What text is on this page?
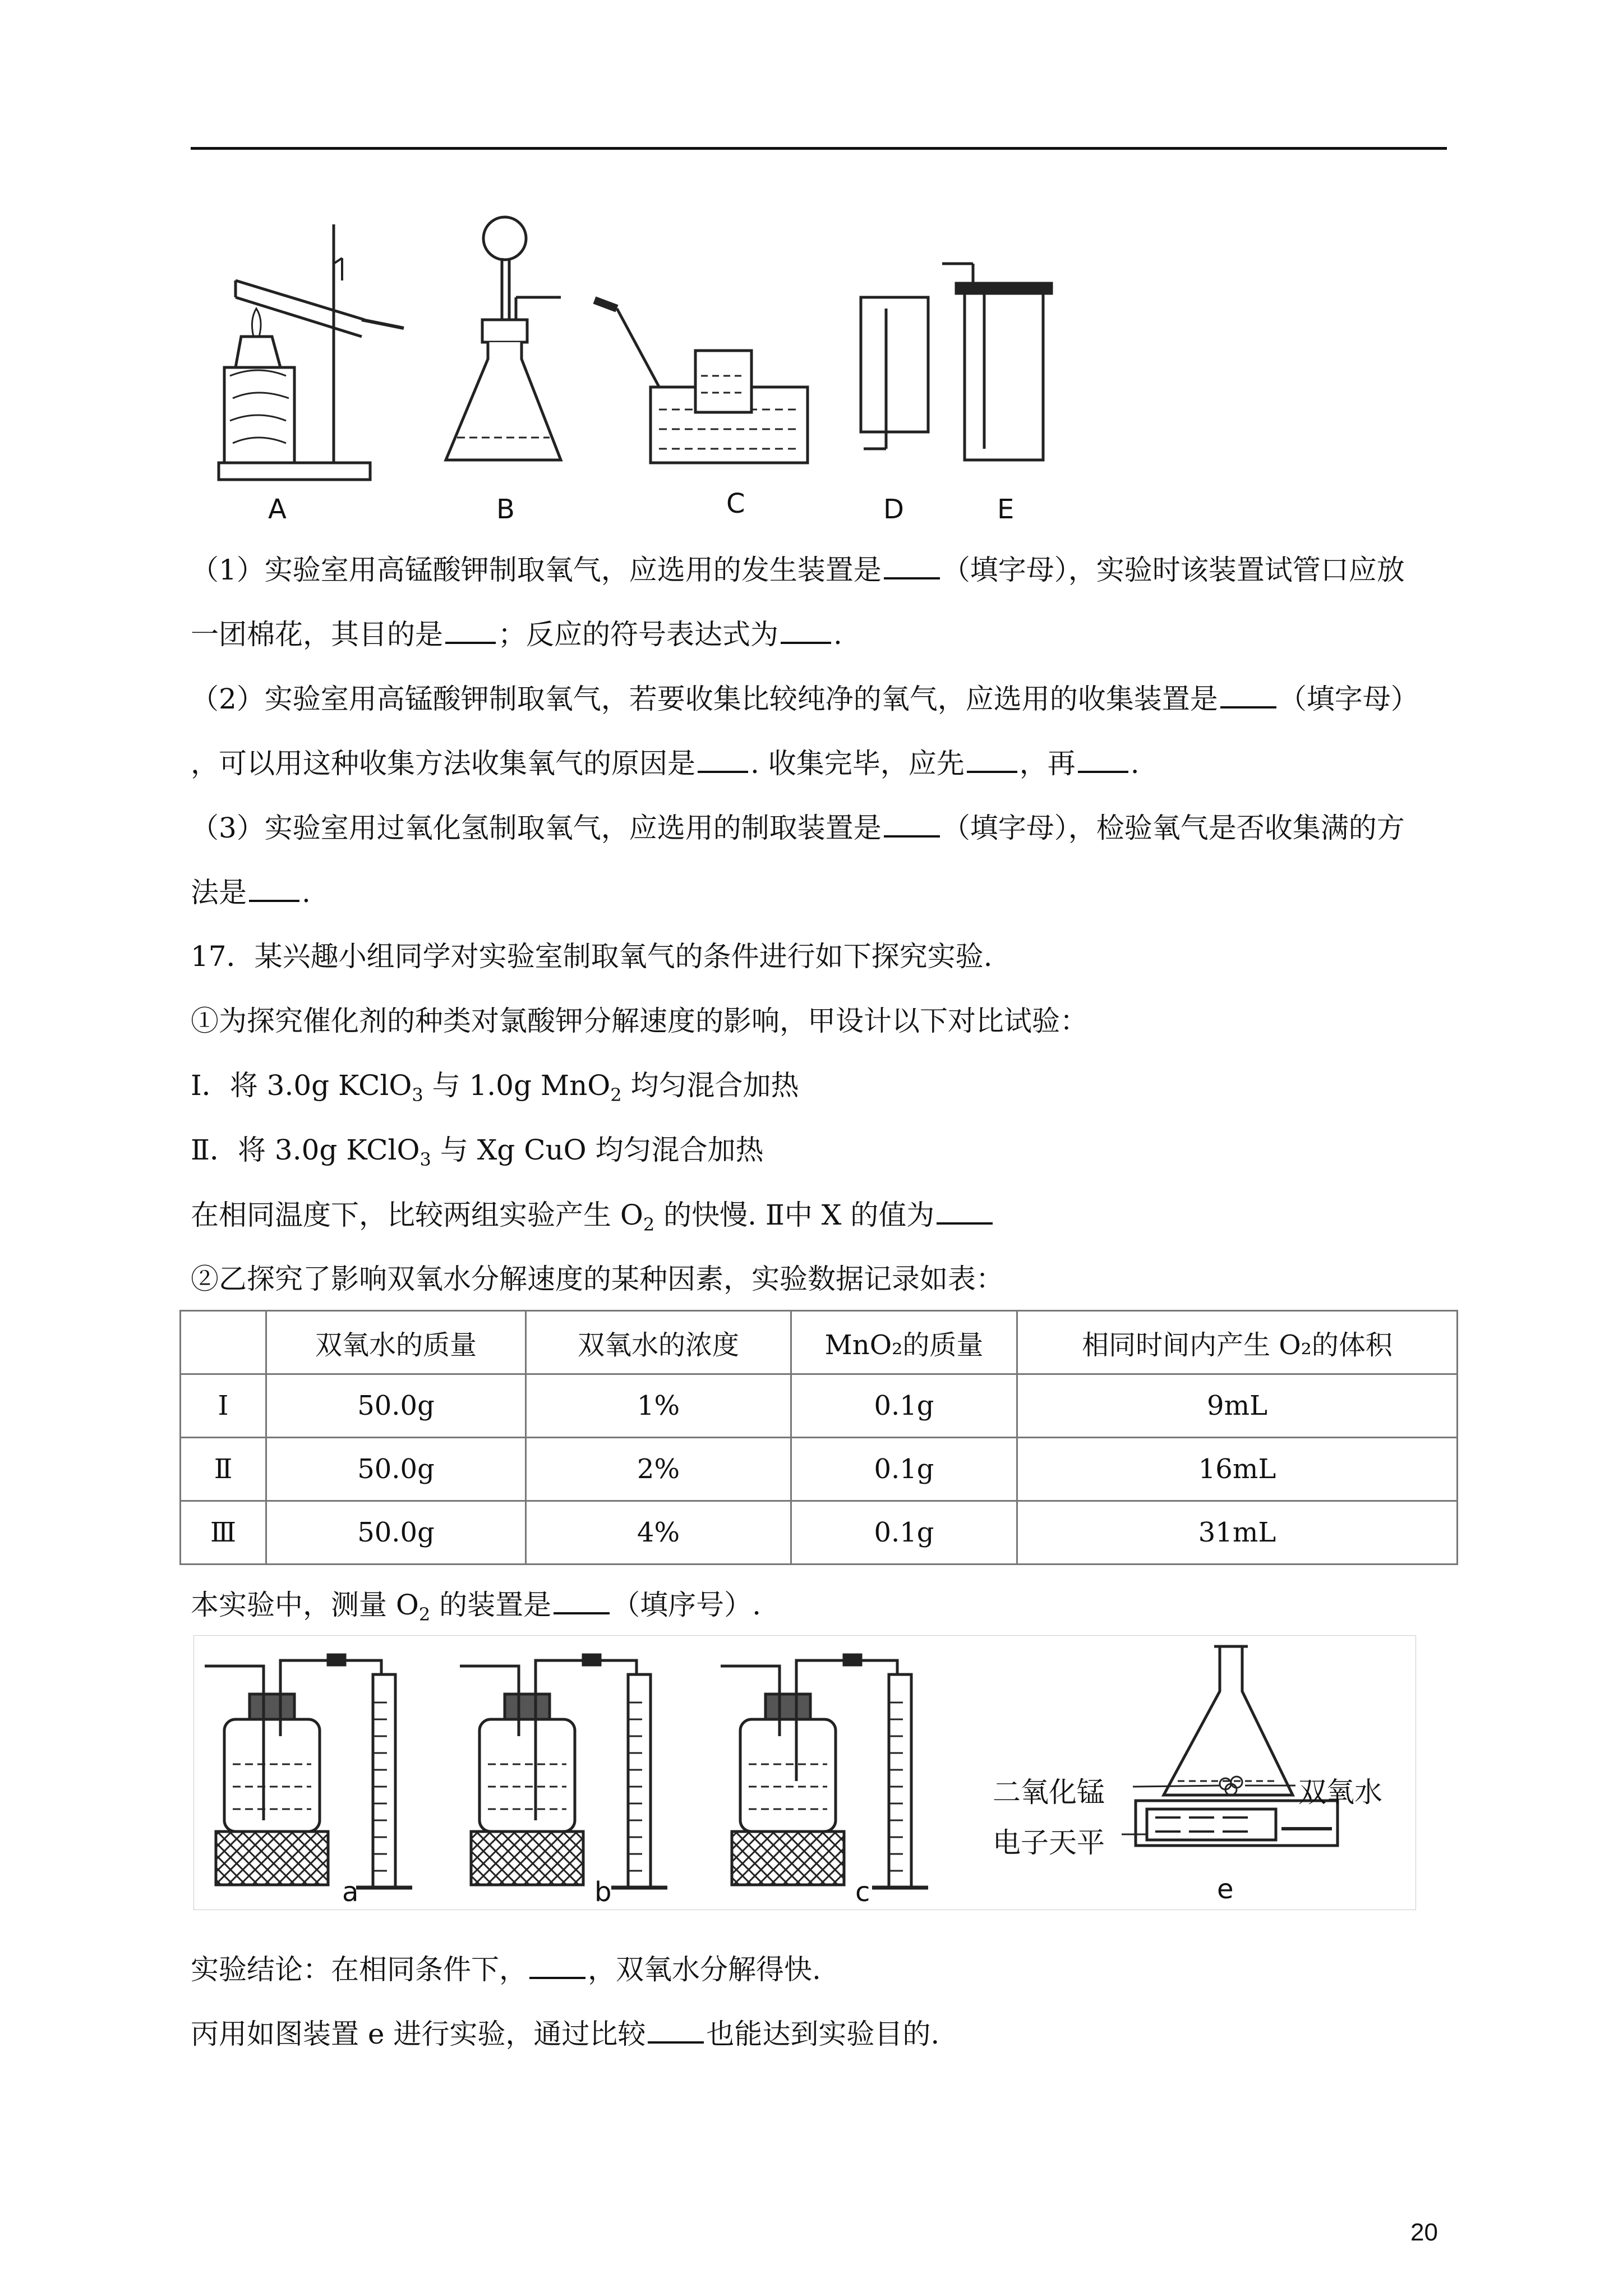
A	B	C	D	E
（1）实验室用高锰酸钾制取氧气，应选用的发生装置是 （填字母），实验时该装置试管口应放
一团棉花，其目的是 ；反应的符号表达式为 .
（2）实验室用高锰酸钾制取氧气，若要收集比较纯净的氧气，应选用的收集装置是 （填字母）
，可以用这种收集方法收集氧气的原因是 . 收集完毕，应先 ，再 .
（3）实验室用过氧化氢制取氧气，应选用的制取装置是 （填字母），检验氧气是否收集满的方
法是 .
17．某兴趣小组同学对实验室制取氧气的条件进行如下探究实验.
①为探究催化剂的种类对氯酸钾分解速度的影响，甲设计以下对比试验：
Ⅰ．将 3.0g KClO$_3$ 与 1.0g MnO$_2$ 均匀混合加热
Ⅱ．将 3.0g KClO$_3$ 与 Xg CuO 均匀混合加热
在相同温度下，比较两组实验产生 $O_2$ 的快慢. Ⅱ中 X 的值为
②乙探究了影响双氧水分解速度的某种因素，实验数据记录如表：
	双氧水的质量	双氧水的浓度	MnO₂的质量	相同时间内产生 O₂的体积
Ⅰ	50.0g	1%	0.1g	9mL
Ⅱ	50.0g	2%	0.1g	16mL
Ⅲ	50.0g	4%	0.1g	31mL
本实验中，测量 $O_2$ 的装置是 （填序号）.
二氧化锰	双氧水
电子天平
a	b	c	e
实验结论：在相同条件下， ，双氧水分解得快.
丙用如图装置 e 进行实验，通过比较 也能达到实验目的.
20
